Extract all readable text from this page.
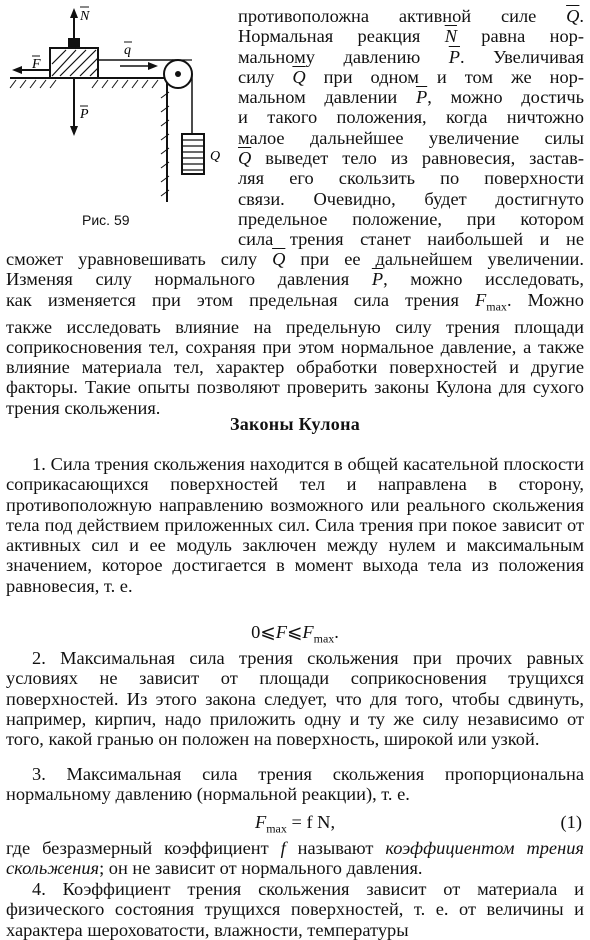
N
P
F
q
Q
Рис. 59

противоположна активной силе $\overline{Q}$.

Нормальная реакция $\overline{N}$ равна нор-

мальному давлению $\overline{P}$. Увеличивая

силу $\overline{Q}$ при одном и том же нор-

мальном давлении $\overline{P}$, можно достичь

и такого положения, когда ничтожно

малое дальнейшее увеличение силы

$\overline{Q}$ выведет тело из равновесия, застав-

ляя его скользить по поверхности

связи. Очевидно, будет достигнуто

предельное положение, при котором

сила трения станет наибольшей и не

сможет уравновешивать силу $\overline{Q}$ при ее дальнейшем увеличении.

Изменяя силу нормального давления $\overline{P}$, можно исследовать,

как изменяется при этом предельная сила трения $F_{max}$. Можно

также исследовать влияние на предельную силу трения площади соприкосновения тел, сохраняя при этом нормальное давление, а также влияние материала тел, характер обработки поверхностей и другие факторы. Такие опыты позволяют проверить законы Кулона для сухого трения скольжения.

Законы Кулона

1. Сила трения скольжения находится в общей касательной плоскости соприкасающихся поверхностей тел и направлена в сторону, противоположную направлению возможного или реального скольжения тела под действием приложенных сил. Сила трения при покое зависит от активных сил и ее модуль заключен между нулем и максимальным значением, которое достигается в момент выхода тела из положения равновесия, т. е.

$0⩽F⩽F_{max}$.

2. Максимальная сила трения скольжения при прочих равных условиях не зависит от площади соприкосновения трущихся поверхностей. Из этого закона следует, что для того, чтобы сдвинуть, например, кирпич, надо приложить одну и ту же силу независимо от того, какой гранью он положен на поверхность, широкой или узкой.

3. Максимальная сила трения скольжения пропорциональна нормальному давлению (нормальной реакции), т. е.

$F_{max} = f$ N,	(1)

где безразмерный коэффициент f называют коэффициентом трения скольжения; он не зависит от нормального давления.

4. Коэффициент трения скольжения зависит от материала и физического состояния трущихся поверхностей, т. е. от величины и характера шероховатости, влажности, температуры
